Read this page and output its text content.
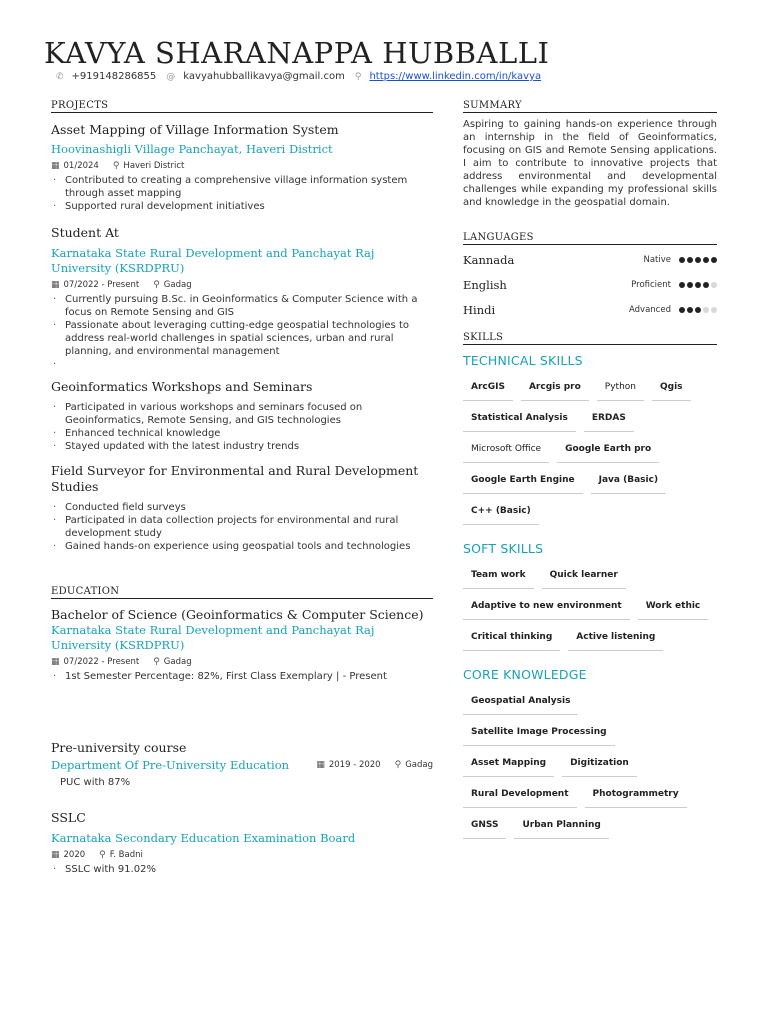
KAVYA SHARANAPPA HUBBALLI
✆ +919148286855 @ kavyahubballikavya@gmail.com ⚲ https://www.linkedin.com/in/kavya
PROJECTS
Asset Mapping of Village Information System
Hoovinashigli Village Panchayat, Haveri District
▦ 01/2024 ⚲ Haveri District
· Contributed to creating a comprehensive village information system through asset mapping
· Supported rural development initiatives
Student At
Karnataka State Rural Development and Panchayat Raj University (KSRDPRU)
▦ 07/2022 - Present ⚲ Gadag
· Currently pursuing B.Sc. in Geoinformatics & Computer Science with a focus on Remote Sensing and GIS
· Passionate about leveraging cutting-edge geospatial technologies to address real-world challenges in spatial sciences, urban and rural planning, and environmental management
·
Geoinformatics Workshops and Seminars
· Participated in various workshops and seminars focused on Geoinformatics, Remote Sensing, and GIS technologies
· Enhanced technical knowledge
· Stayed updated with the latest industry trends
Field Surveyor for Environmental and Rural Development Studies
· Conducted field surveys
· Participated in data collection projects for environmental and rural development study
· Gained hands-on experience using geospatial tools and technologies
EDUCATION
Bachelor of Science (Geoinformatics & Computer Science)
Karnataka State Rural Development and Panchayat Raj University (KSRDPRU)
▦ 07/2022 - Present ⚲ Gadag
· 1st Semester Percentage: 82%, First Class Exemplary | - Present
Pre-university course
Department Of Pre-University Education	▦ 2019 - 2020 ⚲ Gadag
PUC with 87%
SSLC
Karnataka Secondary Education Examination Board
▦ 2020 ⚲ F. Badni
· SSLC with 91.02%
SUMMARY
Aspiring to gaining hands-on experience through an internship in the field of Geoinformatics, focusing on GIS and Remote Sensing applications. I aim to contribute to innovative projects that address environmental and developmental challenges while expanding my professional skills and knowledge in the geospatial domain.
LANGUAGES
Kannada	Native
English	Proficient
Hindi	Advanced
SKILLS
TECHNICAL SKILLS
ArcGIS	Arcgis pro	Python	Qgis
Statistical Analysis	ERDAS
Microsoft Office	Google Earth pro
Google Earth Engine	Java (Basic)
C++ (Basic)
SOFT SKILLS
Team work	Quick learner
Adaptive to new environment	Work ethic
Critical thinking	Active listening
CORE KNOWLEDGE
Geospatial Analysis
Satellite Image Processing
Asset Mapping	Digitization
Rural Development	Photogrammetry
GNSS	Urban Planning
